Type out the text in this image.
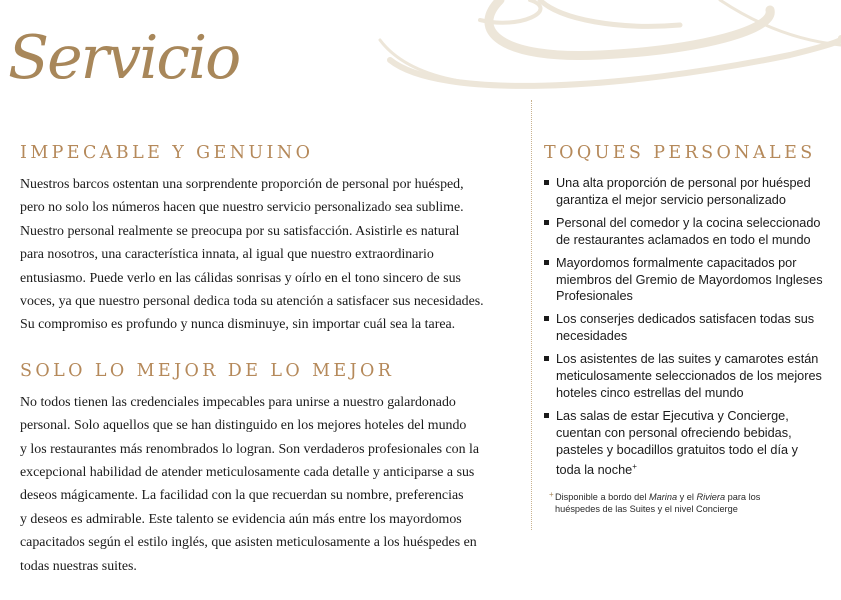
Servicio
IMPECABLE Y GENUINO

Nuestros barcos ostentan una sorprendente proporción de personal por huésped,
pero no solo los números hacen que nuestro servicio personalizado sea sublime.
Nuestro personal realmente se preocupa por su satisfacción. Asistirle es natural
para nosotros, una característica innata, al igual que nuestro extraordinario
entusiasmo. Puede verlo en las cálidas sonrisas y oírlo en el tono sincero de sus
voces, ya que nuestro personal dedica toda su atención a satisfacer sus necesidades.
Su compromiso es profundo y nunca disminuye, sin importar cuál sea la tarea.

SOLO LO MEJOR DE LO MEJOR

No todos tienen las credenciales impecables para unirse a nuestro galardonado
personal. Solo aquellos que se han distinguido en los mejores hoteles del mundo
y los restaurantes más renombrados lo logran. Son verdaderos profesionales con la
excepcional habilidad de atender meticulosamente cada detalle y anticiparse a sus
deseos mágicamente. La facilidad con la que recuerdan su nombre, preferencias
y deseos es admirable. Este talento se evidencia aún más entre los mayordomos
capacitados según el estilo inglés, que asisten meticulosamente a los huéspedes en
todas nuestras suites.

TOQUES PERSONALES
Una alta proporción de personal por huésped
garantiza el mejor servicio personalizado
Personal del comedor y la cocina seleccionado
de restaurantes aclamados en todo el mundo
Mayordomos formalmente capacitados por
miembros del Gremio de Mayordomos Ingleses
Profesionales
Los conserjes dedicados satisfacen todas sus
necesidades
Los asistentes de las suites y camarotes están
meticulosamente seleccionados de los mejores
hoteles cinco estrellas del mundo
Las salas de estar Ejecutiva y Concierge,
cuentan con personal ofreciendo bebidas,
pasteles y bocadillos gratuitos todo el día y
toda la noche+
+ Disponible a bordo del Marina y el Riviera para los
huéspedes de las Suites y el nivel Concierge
